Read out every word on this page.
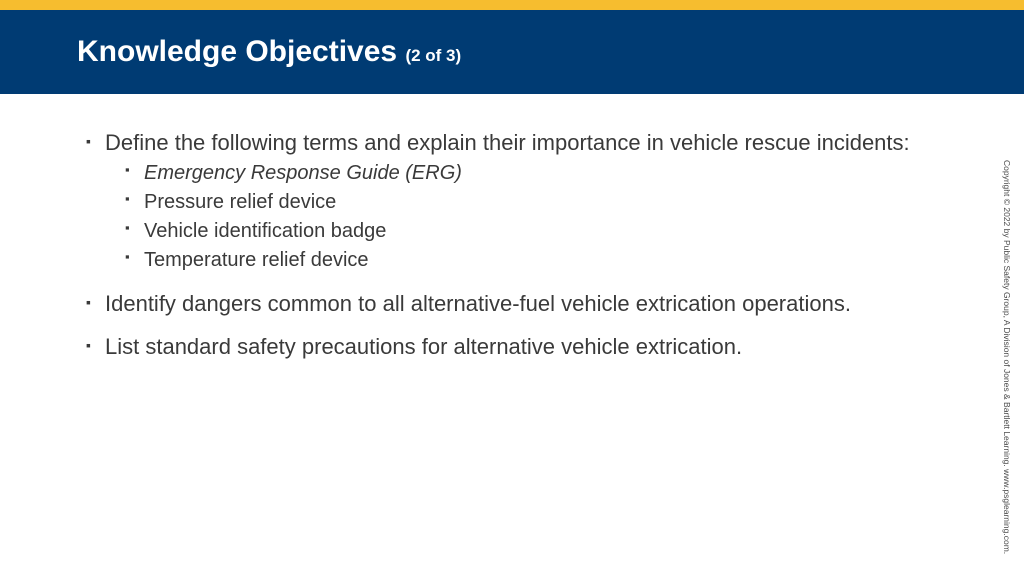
Knowledge Objectives (2 of 3)
▪ Define the following terms and explain their importance in vehicle rescue incidents:
▪ Emergency Response Guide (ERG)
▪ Pressure relief device
▪ Vehicle identification badge
▪ Temperature relief device
▪ Identify dangers common to all alternative-fuel vehicle extrication operations.
▪ List standard safety precautions for alternative vehicle extrication.	Copyright © 2022 by Public Safety Group, A Division of Jones & Bartlett Learning. www.psglearning.com.
